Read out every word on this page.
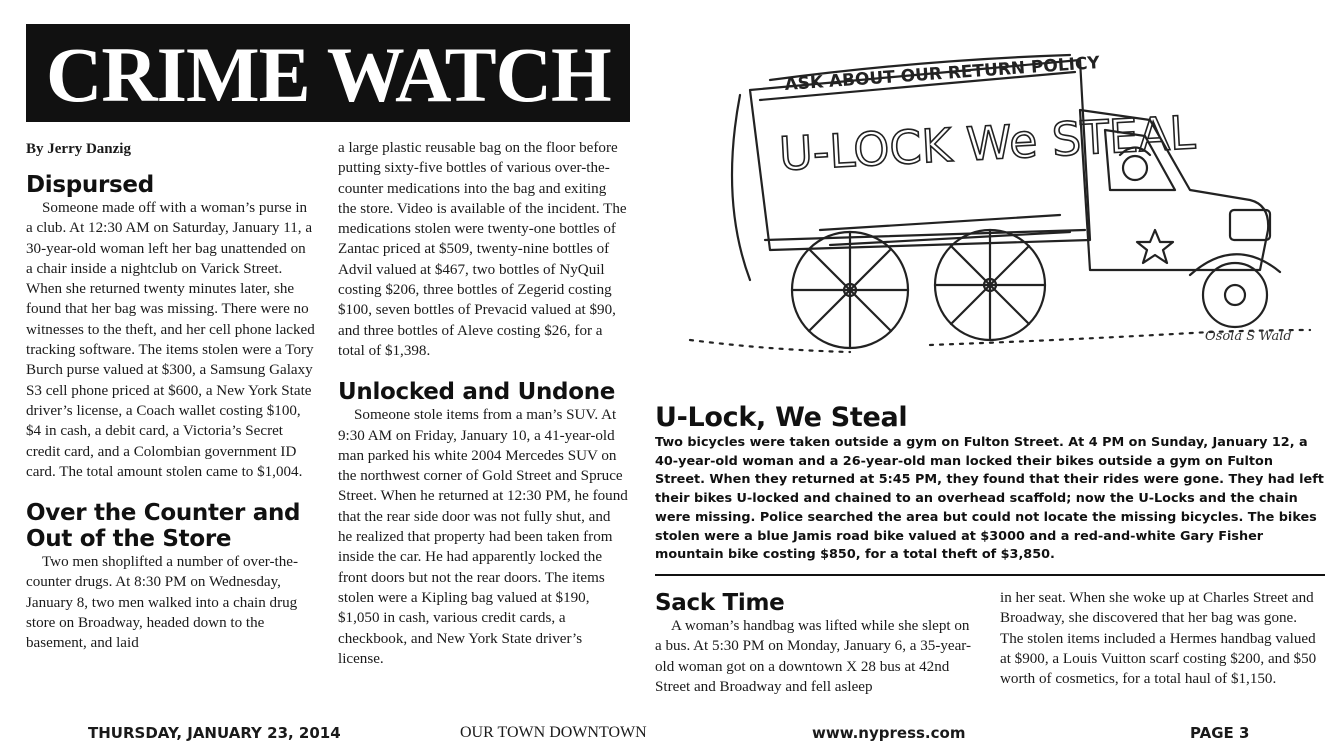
CRIME WATCH
By Jerry Danzig
Dispursed

Someone made off with a woman’s purse in a club. At 12:30 AM on Saturday, January 11, a 30-year-old woman left her bag unattended on a chair inside a nightclub on Varick Street. When she returned twenty minutes later, she found that her bag was missing. There were no witnesses to the theft, and her cell phone lacked tracking software. The items stolen were a Tory Burch purse valued at $300, a Samsung Galaxy S3 cell phone priced at $600, a New York State driver’s license, a Coach wallet costing $100, $4 in cash, a debit card, a Victoria’s Secret credit card, and a Colombian government ID card. The total amount stolen came to $1,004.

Over the Counter and
Out of the Store

Two men shoplifted a number of over-the-counter drugs. At 8:30 PM on Wednesday, January 8, two men walked into a chain drug store on Broadway, headed down to the basement, and laid

a large plastic reusable bag on the floor before putting sixty-five bottles of various over-the-counter medications into the bag and exiting the store. Video is available of the incident. The medications stolen were twenty-one bottles of Zantac priced at $509, twenty-nine bottles of Advil valued at $467, two bottles of NyQuil costing $206, three bottles of Zegerid costing $100, seven bottles of Prevacid valued at $90, and three bottles of Aleve costing $26, for a total of $1,398.

Unlocked and Undone

Someone stole items from a man’s SUV. At 9:30 AM on Friday, January 10, a 41-year-old man parked his white 2004 Mercedes SUV on the northwest corner of Gold Street and Spruce Street. When he returned at 12:30 PM, he found that the rear side door was not fully shut, and he realized that property had been taken from inside the car. He had apparently locked the front doors but not the rear doors. The items stolen were a Kipling bag valued at $190, $1,050 in cash, various credit cards, a checkbook, and New York State driver’s license.

ASK ABOUT OUR RETURN POLICY
U-LOCK We STEAL
Osola S Wald
U-Lock, We Steal

Two bicycles were taken outside a gym on Fulton Street. At 4 PM on Sunday, January 12, a 40-year-old woman and a 26-year-old man locked their bikes outside a gym on Fulton Street. When they returned at 5:45 PM, they found that their rides were gone. They had left their bikes U-locked and chained to an overhead scaffold; now the U-Locks and the chain were missing. Police searched the area but could not locate the missing bicycles. The bikes stolen were a blue Jamis road bike valued at $3000 and a red-and-white Gary Fisher mountain bike costing $850, for a total theft of $3,850.

Sack Time

A woman’s handbag was lifted while she slept on a bus. At 5:30 PM on Monday, January 6, a 35-year-old woman got on a downtown X 28 bus at 42nd Street and Broadway and fell asleep

in her seat. When she woke up at Charles Street and Broadway, she discovered that her bag was gone. The stolen items included a Hermes handbag valued at $900, a Louis Vuitton scarf costing $200, and $50 worth of cosmetics, for a total haul of $1,150.

THURSDAY, JANUARY 23, 2014	OUR TOWN DOWNTOWN	www.nypress.com	PAGE 3
